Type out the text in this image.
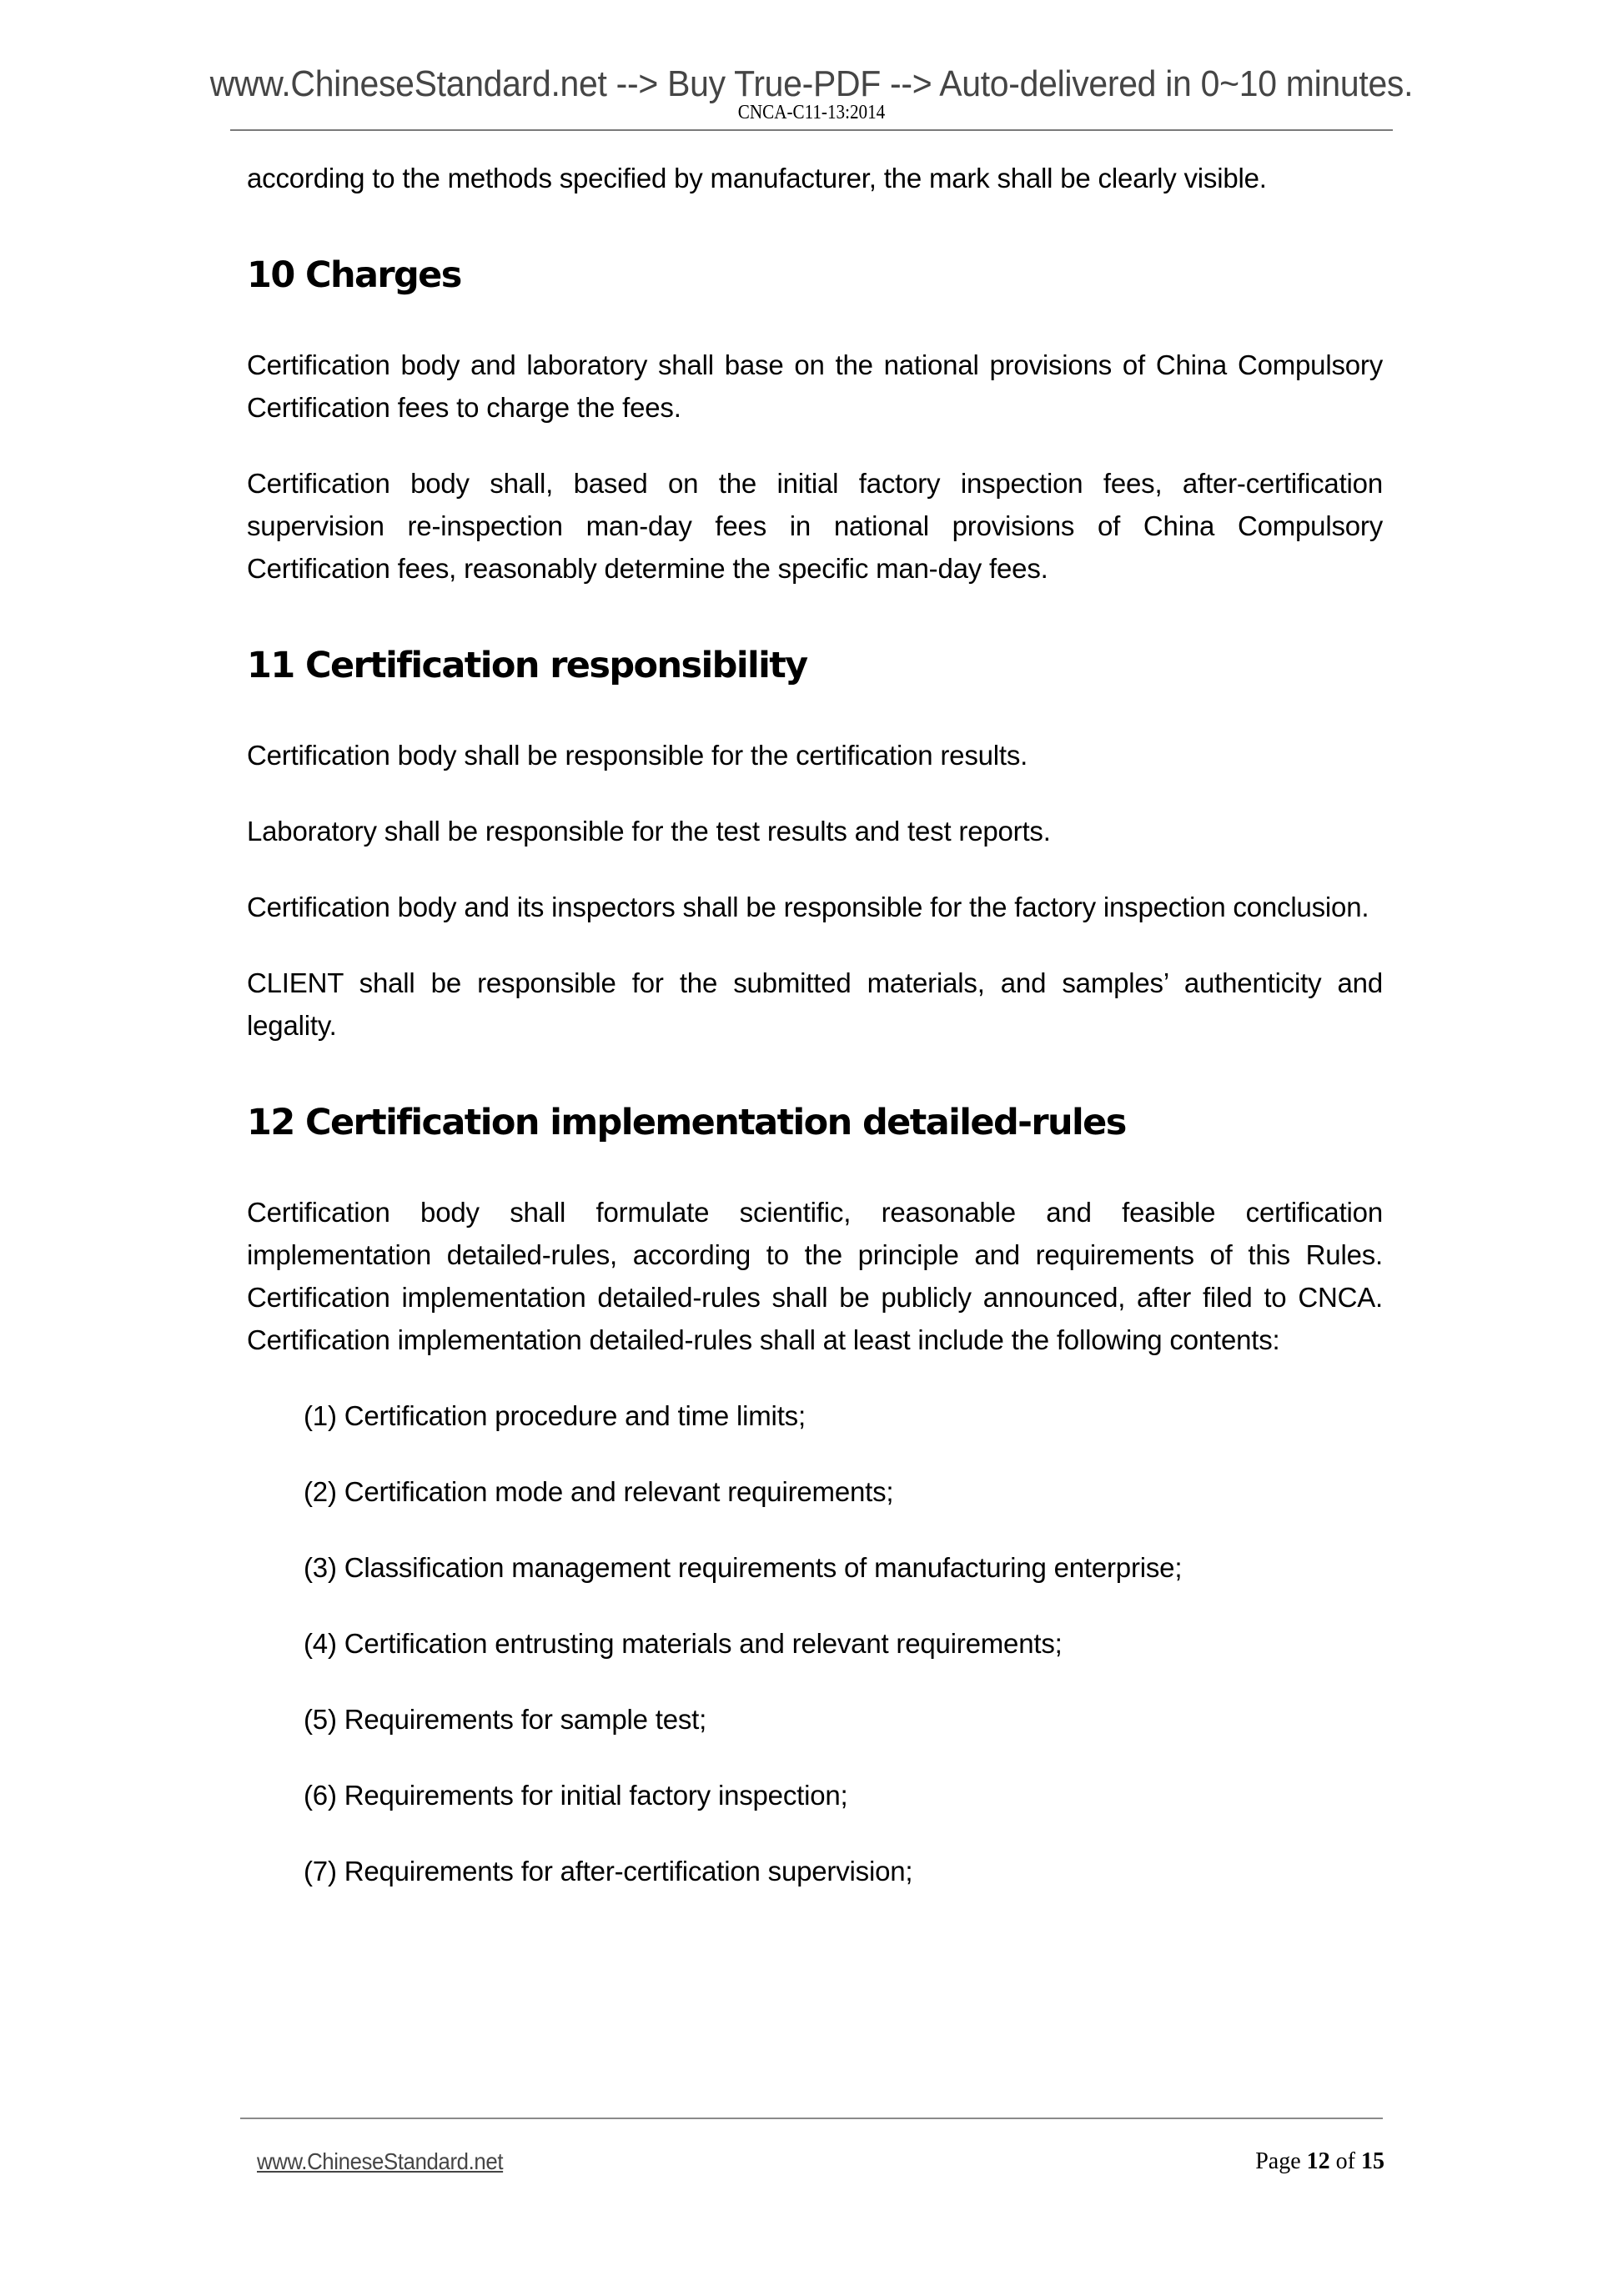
www.ChineseStandard.net --> Buy True-PDF --> Auto-delivered in 0~10 minutes.
CNCA-C11-13:2014

according to the methods specified by manufacturer, the mark shall be clearly visible.

10 Charges

Certification body and laboratory shall base on the national provisions of China Compulsory Certification fees to charge the fees.

Certification body shall, based on the initial factory inspection fees, after-certification supervision re-inspection man-day fees in national provisions of China Compulsory Certification fees, reasonably determine the specific man-day fees.

11 Certification responsibility

Certification body shall be responsible for the certification results.

Laboratory shall be responsible for the test results and test reports.

Certification body and its inspectors shall be responsible for the factory inspection conclusion.

CLIENT shall be responsible for the submitted materials, and samples’ authenticity and legality.

12 Certification implementation detailed-rules

Certification body shall formulate scientific, reasonable and feasible certification implementation detailed-rules, according to the principle and requirements of this Rules. Certification implementation detailed-rules shall be publicly announced, after filed to CNCA. Certification implementation detailed-rules shall at least include the following contents:

(1) Certification procedure and time limits;

(2) Certification mode and relevant requirements;

(3) Classification management requirements of manufacturing enterprise;

(4) Certification entrusting materials and relevant requirements;

(5) Requirements for sample test;

(6) Requirements for initial factory inspection;

(7) Requirements for after-certification supervision;

www.ChineseStandard.net	Page 12 of 15
